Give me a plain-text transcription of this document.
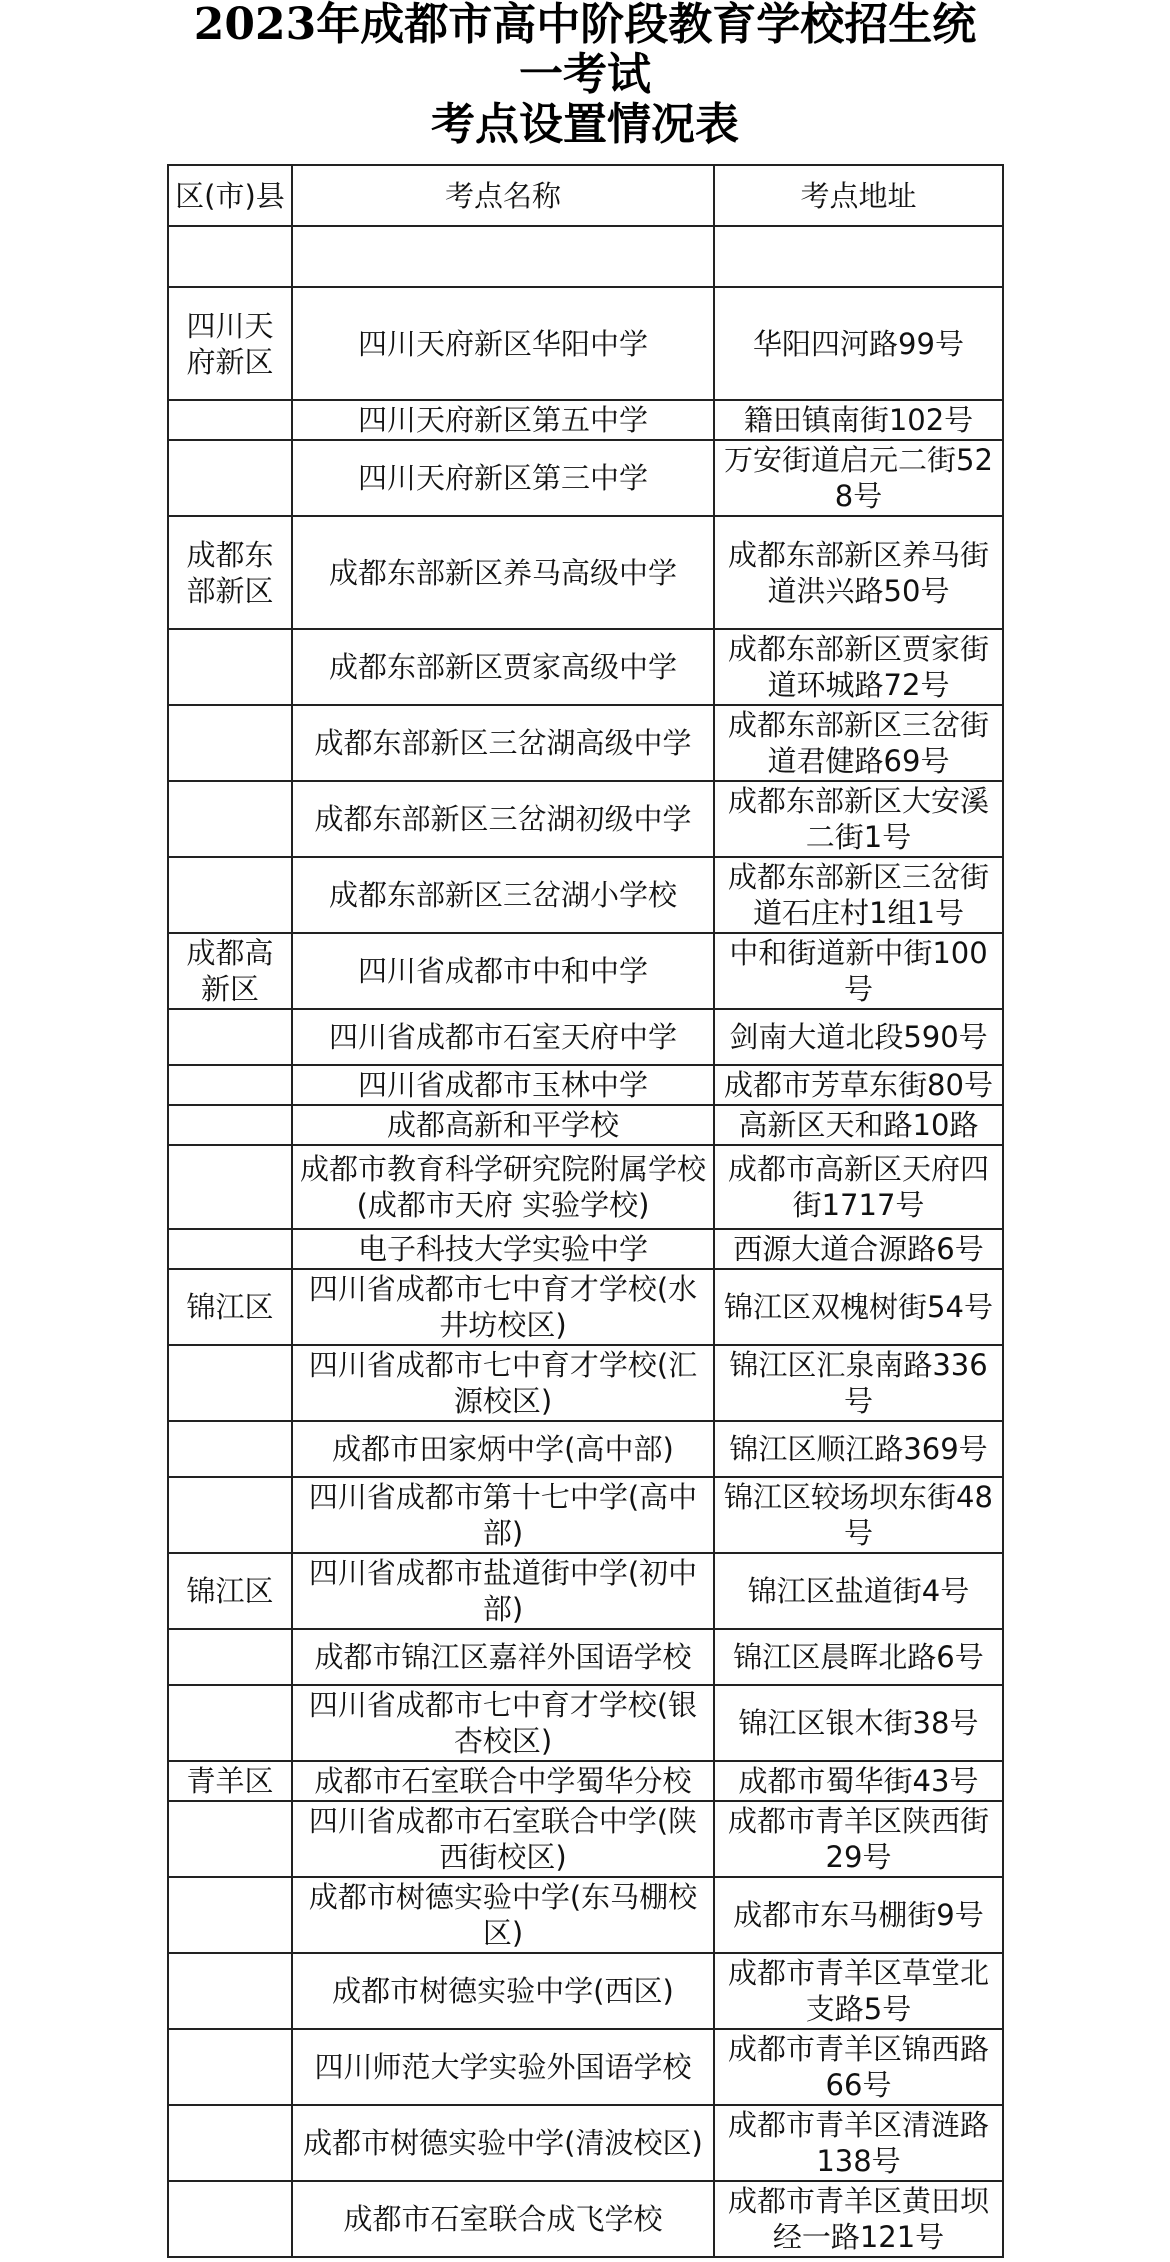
2023年成都市高中阶段教育学校招生统
一考试
考点设置情况表
区(市)县	考点名称	考点地址

四川天府新区	四川天府新区华阳中学	华阳四河路99号
	四川天府新区第五中学	籍田镇南街102号
	四川天府新区第三中学	万安街道启元二街528号
成都东部新区	成都东部新区养马高级中学	成都东部新区养马街道洪兴路50号
	成都东部新区贾家高级中学	成都东部新区贾家街道环城路72号
	成都东部新区三岔湖高级中学	成都东部新区三岔街道君健路69号
	成都东部新区三岔湖初级中学	成都东部新区大安溪二街1号
	成都东部新区三岔湖小学校	成都东部新区三岔街道石庄村1组1号
成都高新区	四川省成都市中和中学	中和街道新中街100号
	四川省成都市石室天府中学	剑南大道北段590号
	四川省成都市玉林中学	成都市芳草东街80号
	成都高新和平学校	高新区天和路10路
	成都市教育科学研究院附属学校(成都市天府 实验学校)	成都市高新区天府四街1717号
	电子科技大学实验中学	西源大道合源路6号
锦江区	四川省成都市七中育才学校(水井坊校区)	锦江区双槐树街54号
	四川省成都市七中育才学校(汇源校区)	锦江区汇泉南路336号
	成都市田家炳中学(高中部)	锦江区顺江路369号
	四川省成都市第十七中学(高中部)	锦江区较场坝东街48号
锦江区	四川省成都市盐道街中学(初中部)	锦江区盐道街4号
	成都市锦江区嘉祥外国语学校	锦江区晨晖北路6号
	四川省成都市七中育才学校(银杏校区)	锦江区银木街38号
青羊区	成都市石室联合中学蜀华分校	成都市蜀华街43号
	四川省成都市石室联合中学(陕西街校区)	成都市青羊区陕西街29号
	成都市树德实验中学(东马棚校区)	成都市东马棚街9号
	成都市树德实验中学(西区)	成都市青羊区草堂北支路5号
	四川师范大学实验外国语学校	成都市青羊区锦西路66号
	成都市树德实验中学(清波校区)	成都市青羊区清涟路138号
	成都市石室联合成飞学校	成都市青羊区黄田坝经一路121号
